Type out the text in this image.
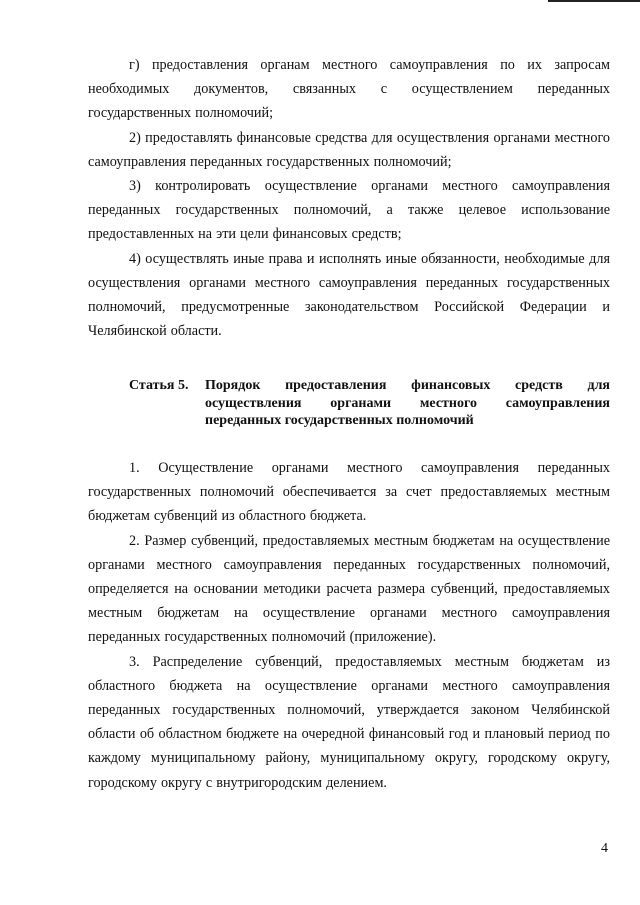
г) предоставления органам местного самоуправления по их запросам необходимых документов, связанных с осуществлением переданных государственных полномочий;

2) предоставлять финансовые средства для осуществления органами местного самоуправления переданных государственных полномочий;

3) контролировать осуществление органами местного самоуправления переданных государственных полномочий, а также целевое использование предоставленных на эти цели финансовых средств;

4) осуществлять иные права и исполнять иные обязанности, необходимые для осуществления органами местного самоуправления переданных государственных полномочий, предусмотренные законодательством Российской Федерации и Челябинской области.

Статья 5.	Порядок предоставления финансовых средств для осуществления органами местного самоуправления переданных государственных полномочий

1. Осуществление органами местного самоуправления переданных государственных полномочий обеспечивается за счет предоставляемых местным бюджетам субвенций из областного бюджета.

2. Размер субвенций, предоставляемых местным бюджетам на осуществление органами местного самоуправления переданных государственных полномочий, определяется на основании методики расчета размера субвенций, предоставляемых местным бюджетам на осуществление органами местного самоуправления переданных государственных полномочий (приложение).

3. Распределение субвенций, предоставляемых местным бюджетам из областного бюджета на осуществление органами местного самоуправления переданных государственных полномочий, утверждается законом Челябинской области об областном бюджете на очередной финансовый год и плановый период по каждому муниципальному району, муниципальному округу, городскому округу, городскому округу с внутригородским делением.

4
